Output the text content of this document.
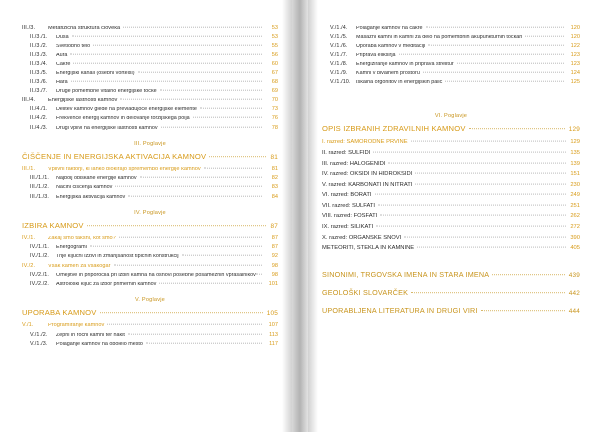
III./3.	Metafizična struktura človeka	53
II./3./1.	Duša	53
II./3./2.	Svetlobno telo	55
II./3./3.	Aura	56
II./3./4.	Čakre	60
II./3./5.	Energijski kanali (osebni vortelsi)	67
II./3./6.	Hara	68
II./3./7.	Druge pomembne vitalno energijske točke	69
III./4.	Energijske lastnosti kamnov	70
II./4./1.	Delitev kamnov glede na prevladujoče energijske elemente	73
II./4./2.	Frekvence energij kamnov in delovanje torzijskega polja	76
II./4./3.	Drugi vplivi na energijske lastnosti kamnov	78
III. Poglavje
ČIŠČENJE IN ENERGIJSKA AKTIVACIJA KAMNOV	81
III./1.	Vplivni faktorji, ki lahko blokirajo spremembo energije kamnov	81
III./1./1.	Najbolj obiskane energije kamnov	82
III./1./2.	Načini čiščenja kamnov	83
III./1./3.	Energijska aktivacija kamnov	84
IV. Poglavje
IZBIRA KAMNOV	87
IV./1.	Zakaj smo takšni, kot smo?	87
IV./1./1.	Energogrami	87
IV./1./2.	Trije ključni izzivi in zmanjšanost tipičnih konstrukcij	92
IV./2.	Vsak kamen za vsakogar	98
IV./2./1.	Omejitve in priporočila pri izbiri kamna na osnovi posebne posameznih vprašalnikov	98
IV./2./2.	Astrološki ključ za izbor primernih kamnov	101
V. Poglavje
UPORABA KAMNOV	105
V./1.	Programiranje kamnov	107
V./1./2.	Žepni in ročni kamni ter nakit	113
V./1./3.	Polaganje kamnov na obolelo mesto	117
V./1./4.	Polaganje kamnov na čakre	120
V./1./5.	Masažni kamni in kamni za delo na pomembnih akupunkturnih točkah	120
V./1./6.	Uporaba kamnov v meditaciji	122
V./1./7.	Priprava eliksirja	123
V./1./8.	Energiziranje kamnov in priprava strelitur	123
V./1./9.	Kamni v bivalnem prostoru	124
V./1./10.	Iskalna orgonitov in energijskih palic	125
VI. Poglavje
OPIS IZBRANIH ZDRAVILNIH KAMNOV	129
I. razred: SAMORODNE PRVINE	129
II. razred: SULFIDI	135
III. razred: HALOGENIDI	139
IV. razred: OKSIDI IN HIDROKSIDI	151
V. razred: KARBONATI IN NITRATI	230
VI. razred: BORATI	249
VII. razred: SULFATI	251
VIII. razred: FOSFATI	262
IX. razred: SILIKATI	272
X. razred: ORGANSKE SNOVI	390
METEORITI, STEKLA IN KAMNINE	405
SINONIMI, TRGOVSKA IMENA IN STARA IMENA	439
GEOLOŠKI SLOVARČEK	442
UPORABLJENA LITERATURA IN DRUGI VIRI	444
